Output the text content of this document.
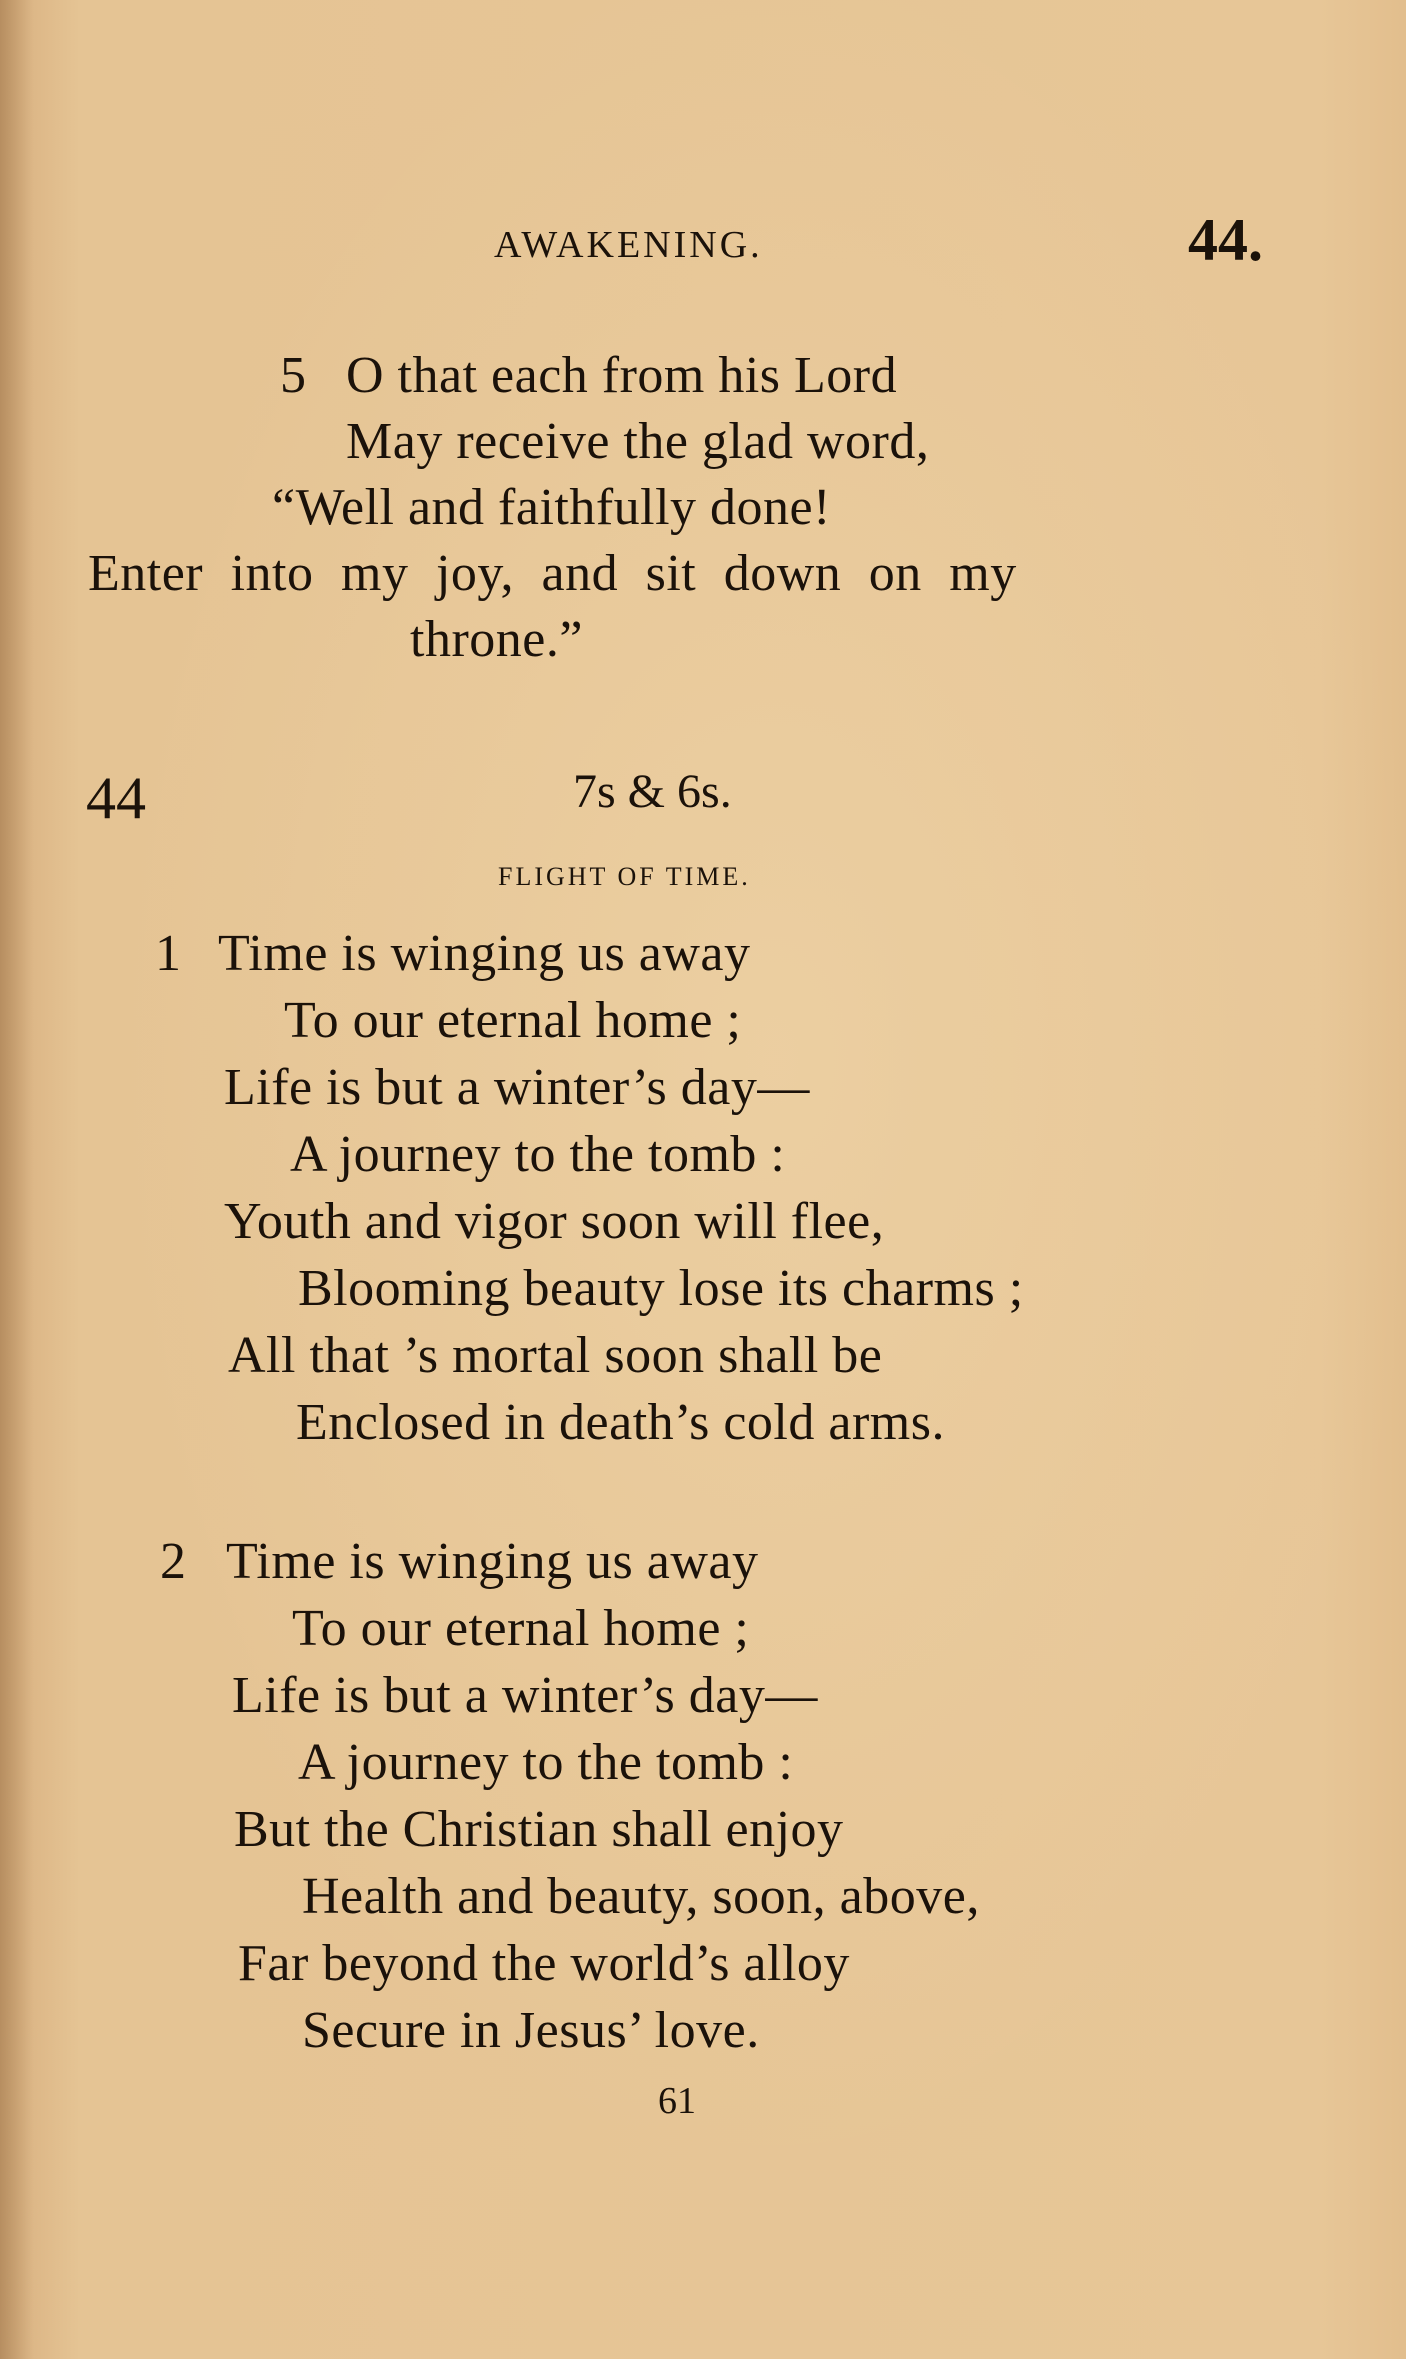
AWAKENING.	44.
5 O that each from his Lord
May receive the glad word,
“Well and faithfully done!
Enter into my joy, and sit down on my
throne.”
44	7s & 6s.
FLIGHT OF TIME.
1 Time is winging us away
To our eternal home ;
Life is but a winter’s day—
A journey to the tomb :
Youth and vigor soon will flee,
Blooming beauty lose its charms ;
All that ’s mortal soon shall be
Enclosed in death’s cold arms.
2 Time is winging us away
To our eternal home ;
Life is but a winter’s day—
A journey to the tomb :
But the Christian shall enjoy
Health and beauty, soon, above,
Far beyond the world’s alloy
Secure in Jesus’ love.
61
